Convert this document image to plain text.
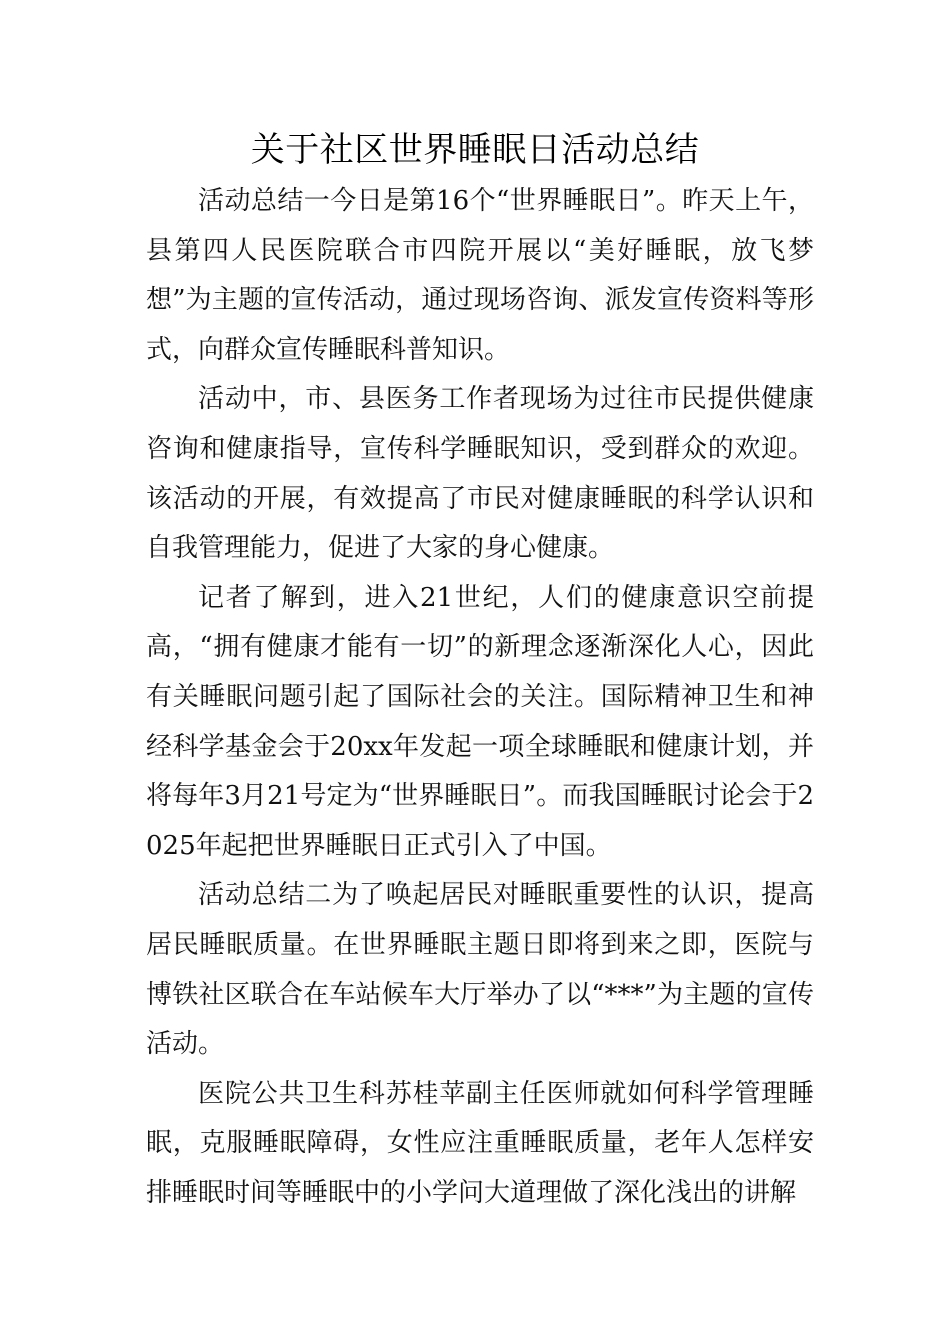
关于社区世界睡眠日活动总结

活动总结一今日是第16个“世界睡眠日”。昨天上午，县第四人民医院联合市四院开展以“美好睡眠，放飞梦想”为主题的宣传活动，通过现场咨询、派发宣传资料等形式，向群众宣传睡眠科普知识。

活动中，市、县医务工作者现场为过往市民提供健康咨询和健康指导，宣传科学睡眠知识，受到群众的欢迎。该活动的开展，有效提高了市民对健康睡眠的科学认识和自我管理能力，促进了大家的身心健康。

记者了解到，进入21世纪，人们的健康意识空前提高，“拥有健康才能有一切”的新理念逐渐深化人心，因此有关睡眠问题引起了国际社会的关注。国际精神卫生和神经科学基金会于20xx年发起一项全球睡眠和健康计划，并将每年3月21号定为“世界睡眠日”。而我国睡眠讨论会于2025年起把世界睡眠日正式引入了中国。

活动总结二为了唤起居民对睡眠重要性的认识，提高居民睡眠质量。在世界睡眠主题日即将到来之即，医院与博铁社区联合在车站候车大厅举办了以“***”为主题的宣传活动。

医院公共卫生科苏桂苹副主任医师就如何科学管理睡眠，克服睡眠障碍，女性应注重睡眠质量，老年人怎样安排睡眠时间等睡眠中的小学问大道理做了深化浅出的讲解
